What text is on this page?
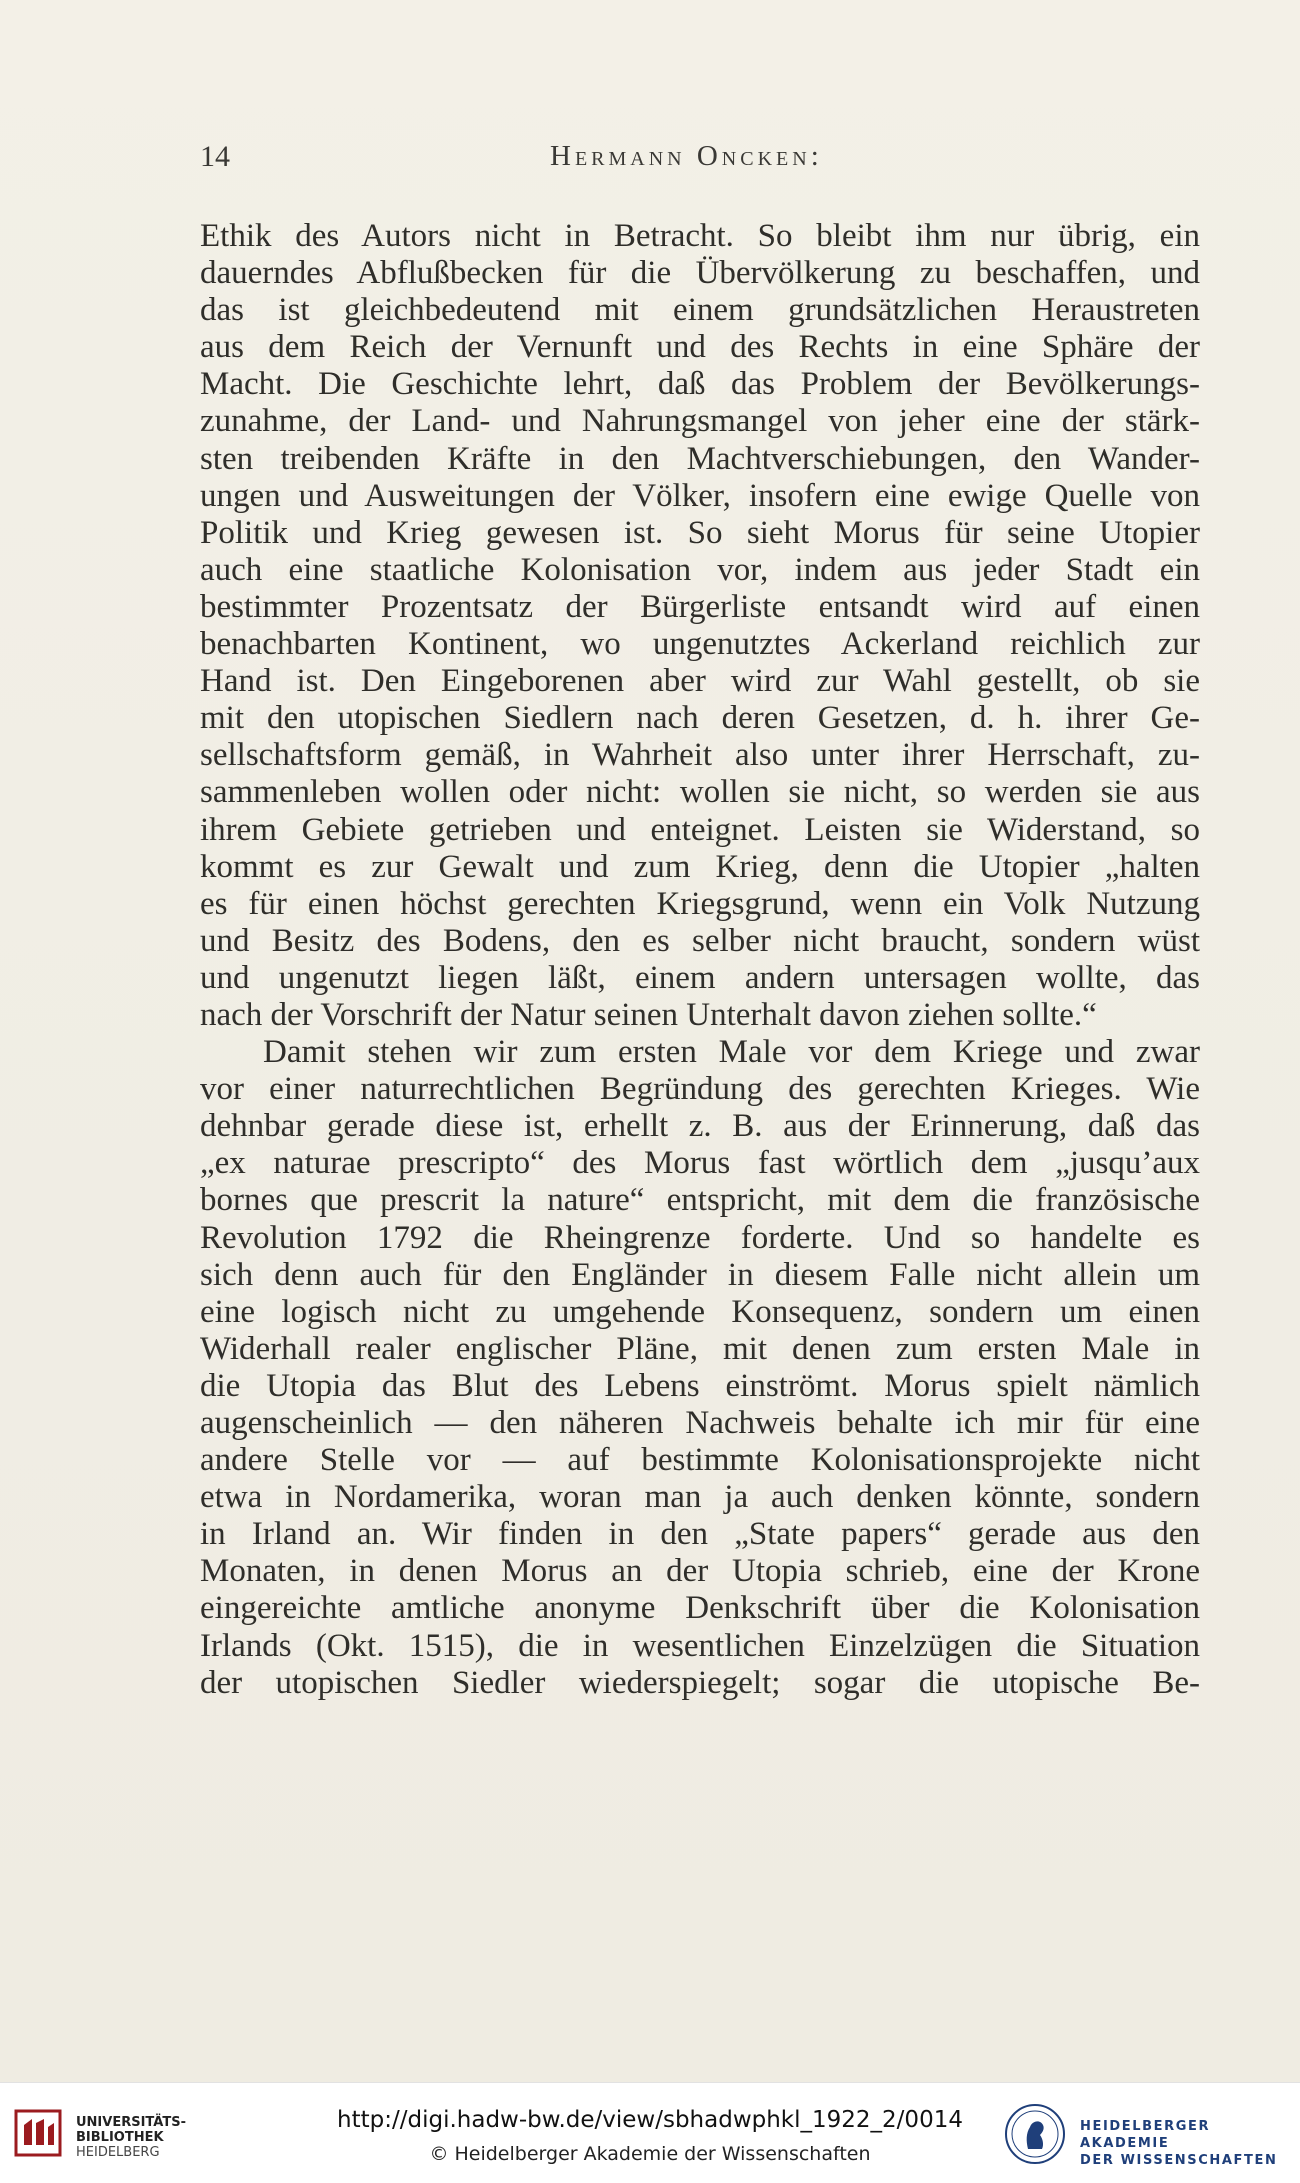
14	Hermann Oncken:
Ethik des Autors nicht in Betracht. So bleibt ihm nur übrig, ein
dauerndes Abflußbecken für die Übervölkerung zu beschaffen, und
das ist gleichbedeutend mit einem grundsätzlichen Heraustreten
aus dem Reich der Vernunft und des Rechts in eine Sphäre der
Macht. Die Geschichte lehrt, daß das Problem der Bevölkerungs-
zunahme, der Land- und Nahrungsmangel von jeher eine der stärk-
sten treibenden Kräfte in den Machtverschiebungen, den Wander-
ungen und Ausweitungen der Völker, insofern eine ewige Quelle von
Politik und Krieg gewesen ist. So sieht Morus für seine Utopier
auch eine staatliche Kolonisation vor, indem aus jeder Stadt ein
bestimmter Prozentsatz der Bürgerliste entsandt wird auf einen
benachbarten Kontinent, wo ungenutztes Ackerland reichlich zur
Hand ist. Den Eingeborenen aber wird zur Wahl gestellt, ob sie
mit den utopischen Siedlern nach deren Gesetzen, d. h. ihrer Ge-
sellschaftsform gemäß, in Wahrheit also unter ihrer Herrschaft, zu-
sammenleben wollen oder nicht: wollen sie nicht, so werden sie aus
ihrem Gebiete getrieben und enteignet. Leisten sie Widerstand, so
kommt es zur Gewalt und zum Krieg, denn die Utopier „halten
es für einen höchst gerechten Kriegsgrund, wenn ein Volk Nutzung
und Besitz des Bodens, den es selber nicht braucht, sondern wüst
und ungenutzt liegen läßt, einem andern untersagen wollte, das
nach der Vorschrift der Natur seinen Unterhalt davon ziehen sollte.“
Damit stehen wir zum ersten Male vor dem Kriege und zwar
vor einer naturrechtlichen Begründung des gerechten Krieges. Wie
dehnbar gerade diese ist, erhellt z. B. aus der Erinnerung, daß das
„ex naturae prescripto“ des Morus fast wörtlich dem „jusqu’aux
bornes que prescrit la nature“ entspricht, mit dem die französische
Revolution 1792 die Rheingrenze forderte. Und so handelte es
sich denn auch für den Engländer in diesem Falle nicht allein um
eine logisch nicht zu umgehende Konsequenz, sondern um einen
Widerhall realer englischer Pläne, mit denen zum ersten Male in
die Utopia das Blut des Lebens einströmt. Morus spielt nämlich
augenscheinlich — den näheren Nachweis behalte ich mir für eine
andere Stelle vor — auf bestimmte Kolonisationsprojekte nicht
etwa in Nordamerika, woran man ja auch denken könnte, sondern
in Irland an. Wir finden in den „State papers“ gerade aus den
Monaten, in denen Morus an der Utopia schrieb, eine der Krone
eingereichte amtliche anonyme Denkschrift über die Kolonisation
Irlands (Okt. 1515), die in wesentlichen Einzelzügen die Situation
der utopischen Siedler wiederspiegelt; sogar die utopische Be-
UNIVERSITÄTS-
BIBLIOTHEK
HEIDELBERG
http://digi.hadw-bw.de/view/sbhadwphkl_1922_2/0014
© Heidelberger Akademie der Wissenschaften
HEIDELBERGER AKADEMIE
DER WISSENSCHAFTEN
